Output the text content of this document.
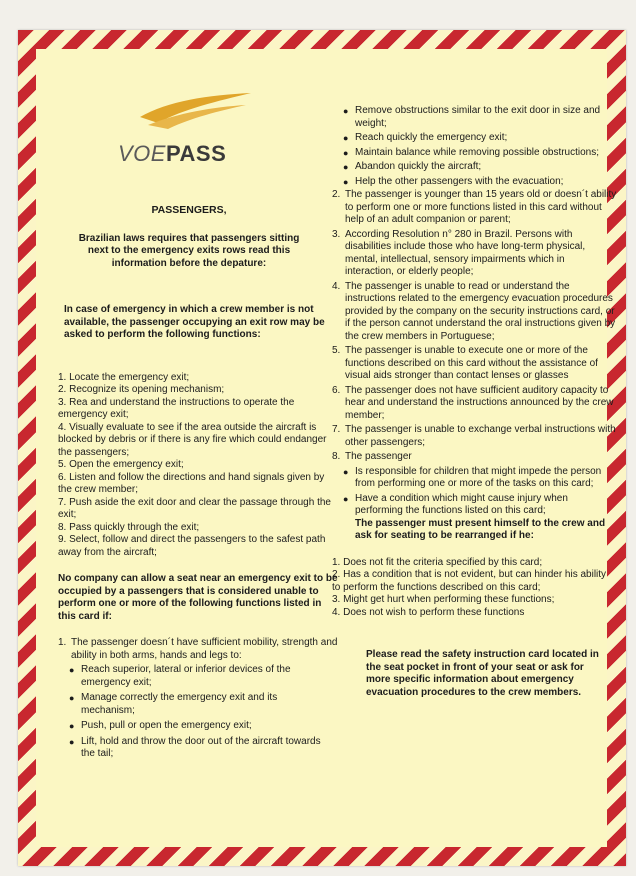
VOEPASS
PASSENGERS,
Brazilian laws requires that passengers sitting
next to the emergency exits rows read this
information before the depature:
In case of emergency in which a crew member is not
available, the passenger occupying an exit row may be
asked to perform the following functions:
1. Locate the emergency exit;
2. Recognize its opening mechanism;
3. Rea and understand the instructions to operate the
emergency exit;
4. Visually evaluate to see if the area outside the aircraft is
blocked by debris or if there is any fire which could endanger
the passengers;
5. Open the emergency exit;
6. Listen and follow the directions and hand signals given by
the crew member;
7. Push aside the exit door and clear the passage through the
exit;
8. Pass quickly through the exit;
9. Select, follow and direct the passengers to the safest path
away from the aircraft;
No company can allow a seat near an emergency exit to be
occupied by a passengers that is considered unable to
perform one or more of the following functions listed in
this card if:
1. The passenger doesn´t have sufficient mobility, strength and
ability in both arms, hands and legs to:
● Reach superior, lateral or inferior devices of the
emergency exit;
● Manage correctly the emergency exit and its
mechanism;
● Push, pull or open the emergency exit;
● Lift, hold and throw the door out of the aircraft towards
the tail;
● Remove obstructions similar to the exit door in size and
weight;
● Reach quickly the emergency exit;
● Maintain balance while removing possible obstructions;
● Abandon quickly the aircraft;
● Help the other passengers with the evacuation;
2. The passenger is younger than 15 years old or doesn´t ability
to perform one or more functions listed in this card without
help of an adult companion or parent;
3. According Resolution n° 280 in Brazil. Persons with
disabilities include those who have long-term physical,
mental, intellectual, sensory impairments which in
interaction, or elderly people;
4. The passenger is unable to read or understand the
instructions related to the emergency evacuation procedures
provided by the company on the security instructions card, or
if the person cannot understand the oral instructions given by
the crew members in Portuguese;
5. The passenger is unable to execute one or more of the
functions described on this card without the assistance of
visual aids stronger than contact lenses or glasses
6. The passenger does not have sufficient auditory capacity to
hear and understand the instructions announced by the crew
member;
7. The passenger is unable to exchange verbal instructions with
other passengers;
8. The passenger
● Is responsible for children that might impede the person
from performing one or more of the tasks on this card;
● Have a condition which might cause injury when
performing the functions listed on this card;
The passenger must present himself to the crew and
ask for seating to be rearranged if he:
1. Does not fit the criteria specified by this card;
2. Has a condition that is not evident, but can hinder his ability
to perform the functions described on this card;
3. Might get hurt when performing these functions;
4. Does not wish to perform these functions
Please read the safety instruction card located in
the seat pocket in front of your seat or ask for
more specific information about emergency
evacuation procedures to the crew members.
